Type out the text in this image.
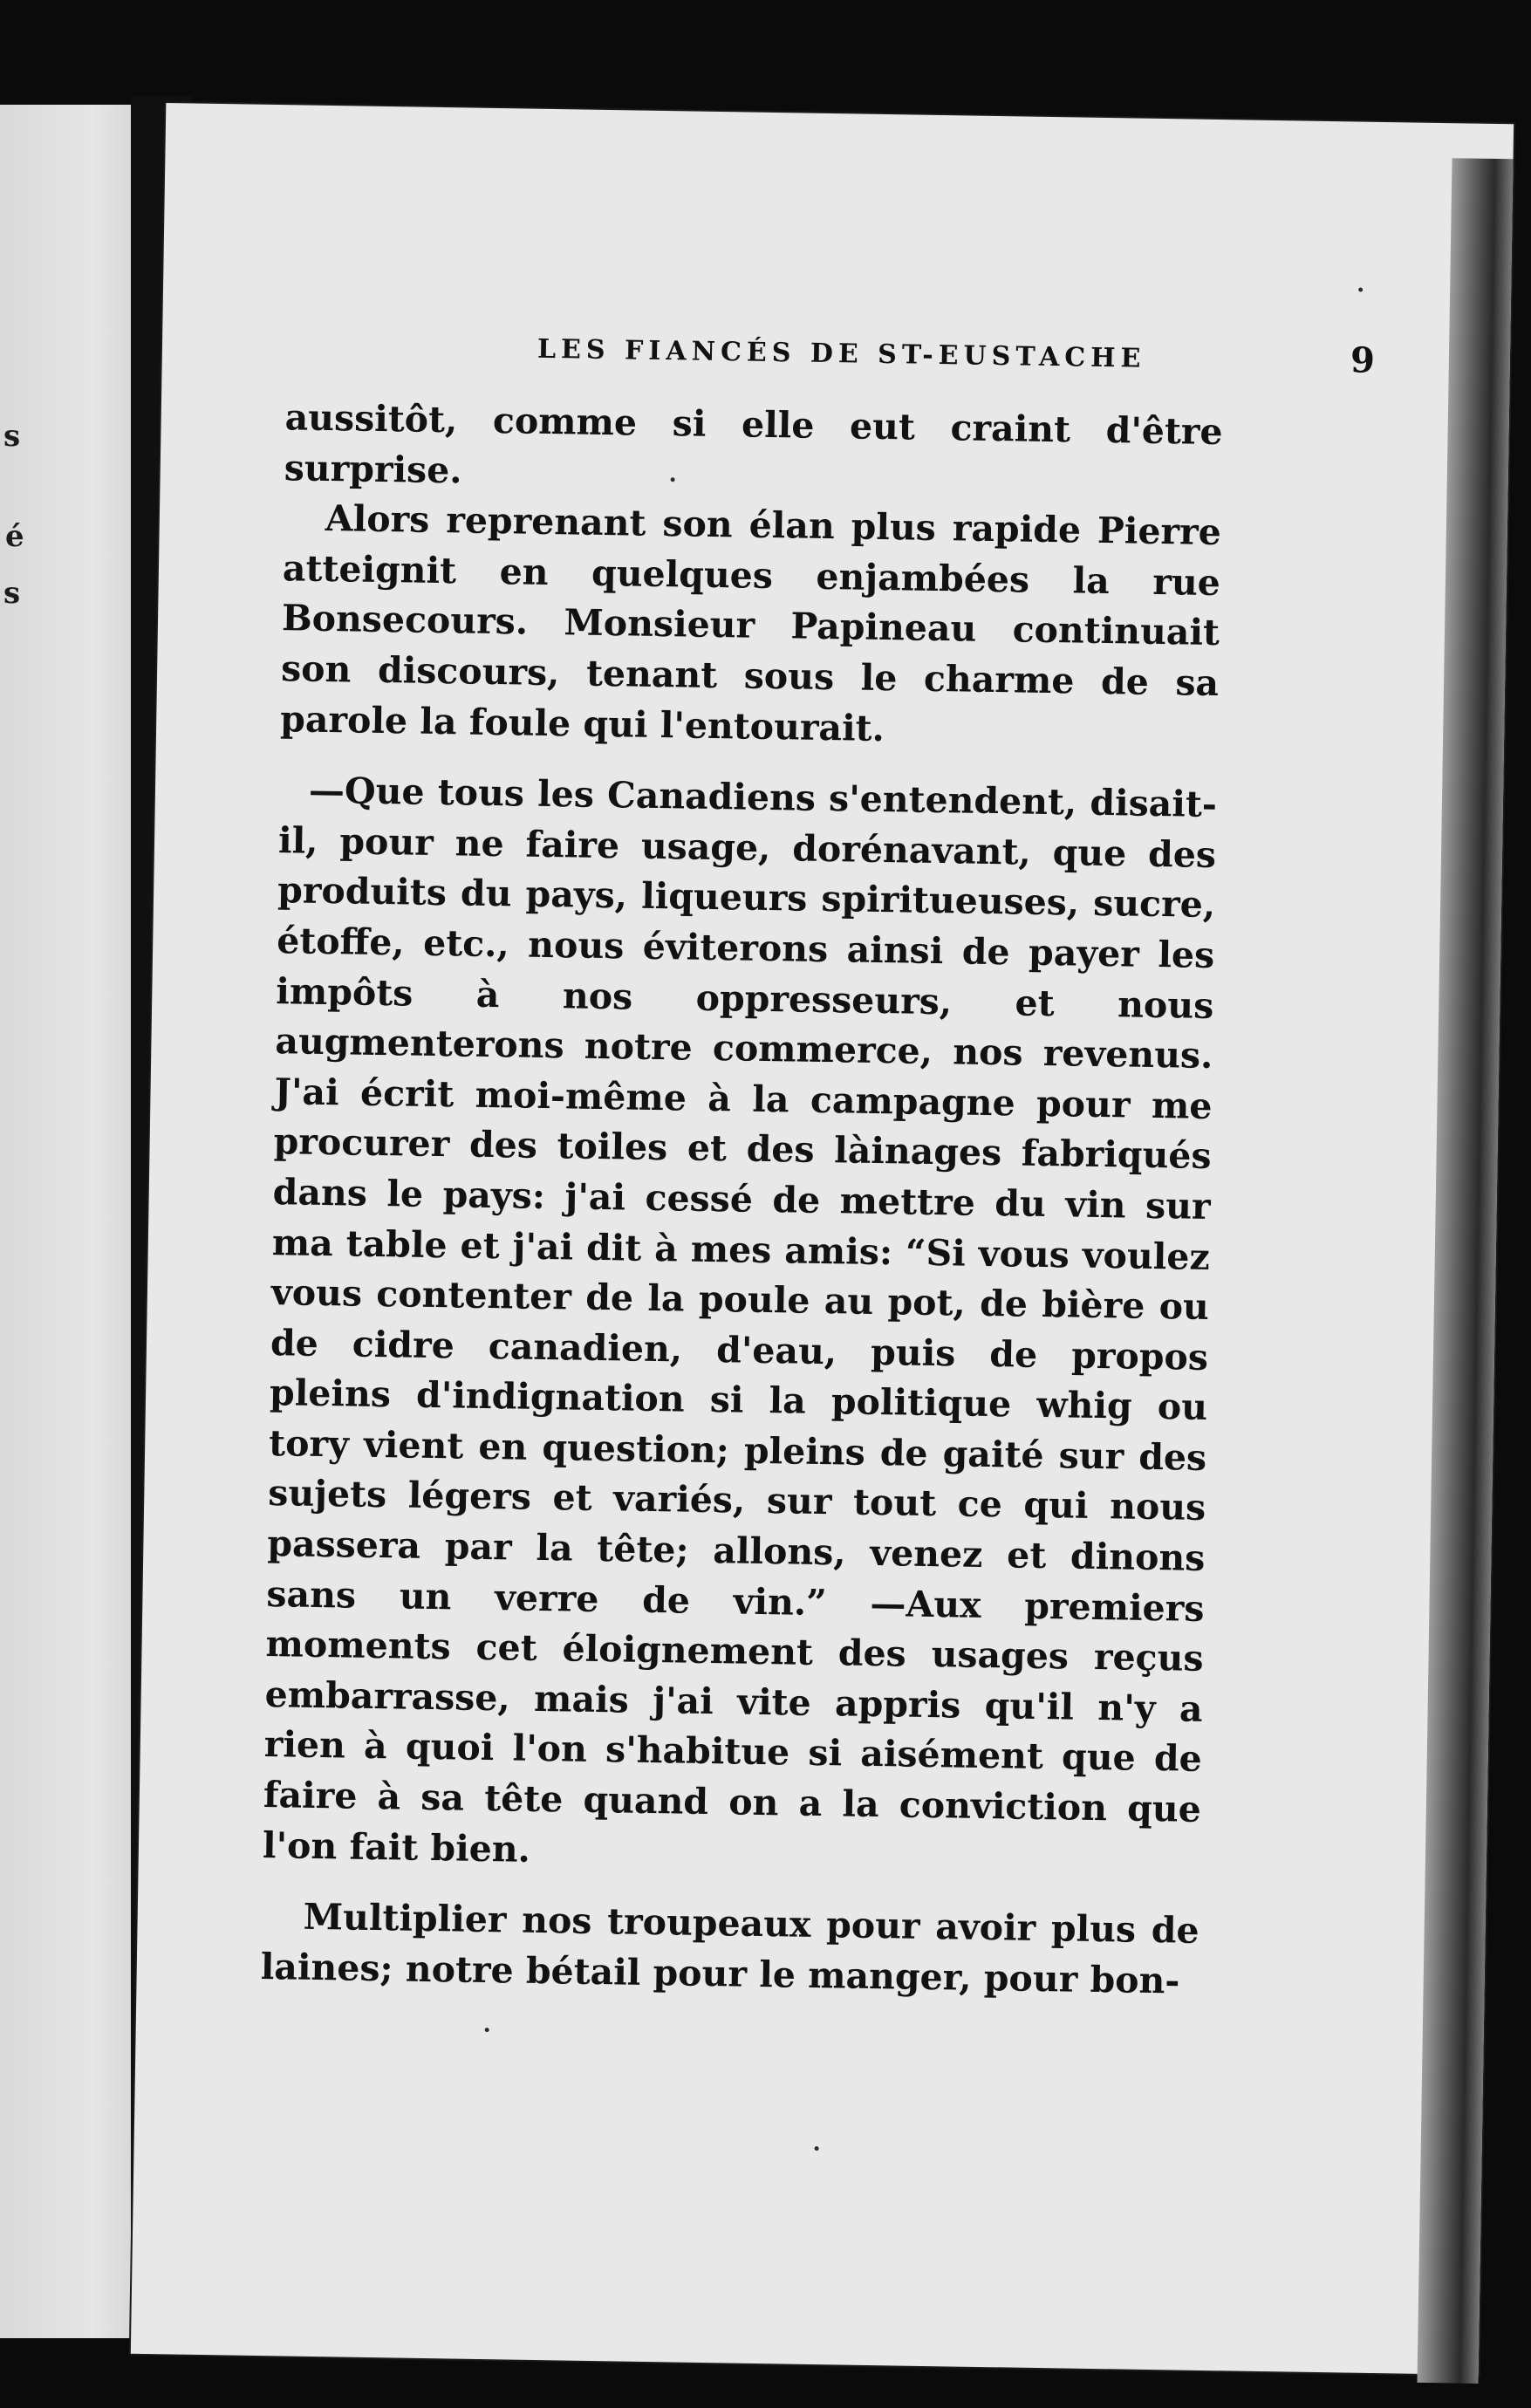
s
é
s
LES FIANCÉS DE ST-EUSTACHE	9

aussitôt, comme si elle eut craint d'être surprise.

Alors reprenant son élan plus rapide Pierre atteignit en quelques enjambées la rue Bonsecours. Monsieur Papineau continuait son discours, tenant sous le charme de sa parole la foule qui l'entourait.

—Que tous les Canadiens s'entendent, disait-il, pour ne faire usage, dorénavant, que des produits du pays, liqueurs spiritueuses, sucre, étoffe, etc., nous éviterons ainsi de payer les impôts à nos oppresseurs, et nous augmenterons notre commerce, nos revenus. J'ai écrit moi-même à la campagne pour me procurer des toiles et des làinages fabriqués dans le pays: j'ai cessé de mettre du vin sur ma table et j'ai dit à mes amis: “Si vous voulez vous contenter de la poule au pot, de bière ou de cidre canadien, d'eau, puis de propos pleins d'indignation si la politique whig ou tory vient en question; pleins de gaité sur des sujets légers et variés, sur tout ce qui nous passera par la tête; allons, venez et dinons sans un verre de vin.” —Aux premiers moments cet éloignement des usages reçus embarrasse, mais j'ai vite appris qu'il n'y a rien à quoi l'on s'habitue si aisément que de faire à sa tête quand on a la conviction que l'on fait bien.

Multiplier nos troupeaux pour avoir plus de laines; notre bétail pour le manger, pour bon-
